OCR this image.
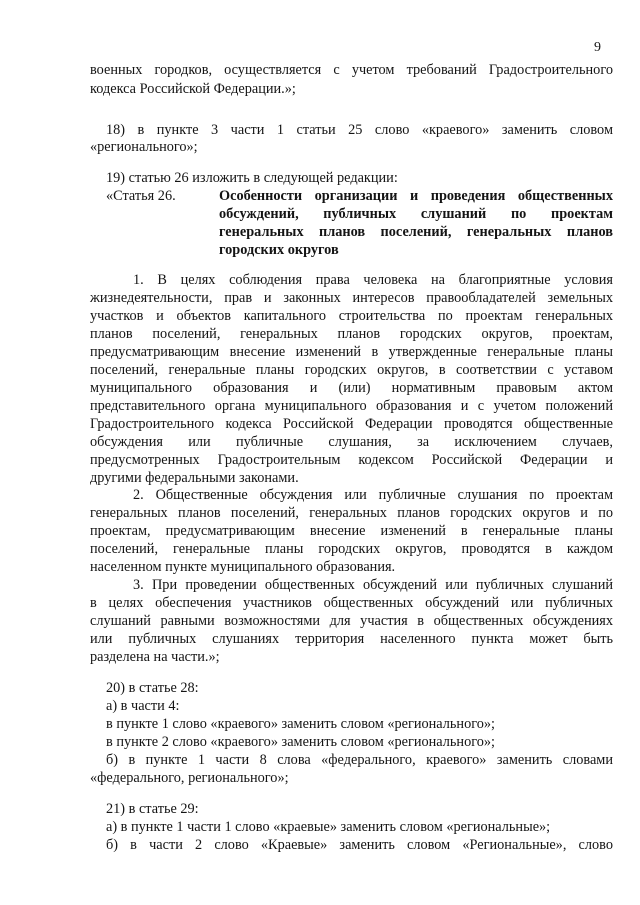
9
военных городков, осуществляется с учетом требований Градостроительного
кодекса Российской Федерации.»;
18) в пункте 3 части 1 статьи 25 слово «краевого» заменить словом
«регионального»;
19) статью 26 изложить в следующей редакции:
«Статья 26.	Особенности организации и проведения общественных
обсуждений, публичных слушаний по проектам
генеральных планов поселений, генеральных планов
городских округов
1. В целях соблюдения права человека на благоприятные условия
жизнедеятельности, прав и законных интересов правообладателей земельных
участков и объектов капитального строительства по проектам генеральных
планов поселений, генеральных планов городских округов, проектам,
предусматривающим внесение изменений в утвержденные генеральные планы
поселений, генеральные планы городских округов, в соответствии с уставом
муниципального образования и (или) нормативным правовым актом
представительного органа муниципального образования и с учетом положений
Градостроительного кодекса Российской Федерации проводятся общественные
обсуждения или публичные слушания, за исключением случаев,
предусмотренных Градостроительным кодексом Российской Федерации и
другими федеральными законами.
2. Общественные обсуждения или публичные слушания по проектам
генеральных планов поселений, генеральных планов городских округов и по
проектам, предусматривающим внесение изменений в генеральные планы
поселений, генеральные планы городских округов, проводятся в каждом
населенном пункте муниципального образования.
3. При проведении общественных обсуждений или публичных слушаний
в целях обеспечения участников общественных обсуждений или публичных
слушаний равными возможностями для участия в общественных обсуждениях
или публичных слушаниях территория населенного пункта может быть
разделена на части.»;
20) в статье 28:
а) в части 4:
в пункте 1 слово «краевого» заменить словом «регионального»;
в пункте 2 слово «краевого» заменить словом «регионального»;
б) в пункте 1 части 8 слова «федерального, краевого» заменить словами
«федерального, регионального»;
21) в статье 29:
а) в пункте 1 части 1 слово «краевые» заменить словом «региональные»;
б) в части 2 слово «Краевые» заменить словом «Региональные», слово
